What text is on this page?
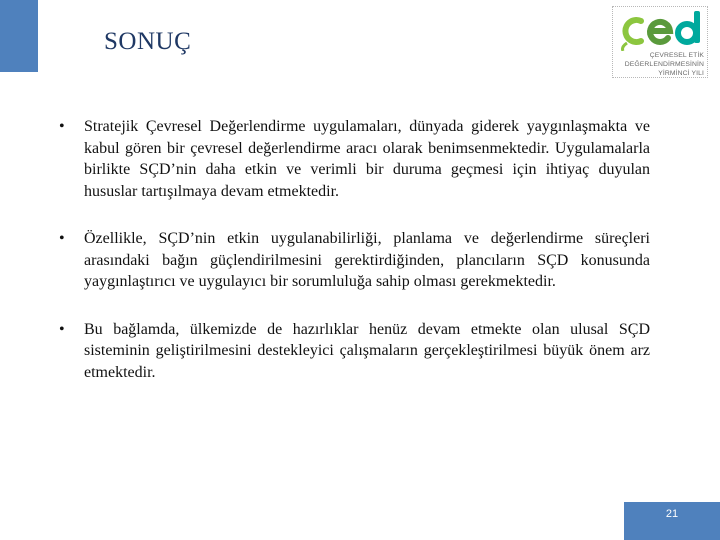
SONUÇ
ÇEVRESEL ETİK
DEĞERLENDİRMESİNİN
YİRMİNCİ YILI
• Stratejik Çevresel Değerlendirme uygulamaları, dünyada giderek yaygınlaşmakta ve kabul gören bir çevresel değerlendirme aracı olarak benimsenmektedir. Uygulamalarla birlikte SÇD’nin daha etkin ve verimli bir duruma geçmesi için ihtiyaç duyulan hususlar tartışılmaya devam etmektedir.
• Özellikle, SÇD’nin etkin uygulanabilirliği, planlama ve değerlendirme süreçleri arasındaki bağın güçlendirilmesini gerektirdiğinden, plancıların SÇD konusunda yaygınlaştırıcı ve uygulayıcı bir sorumluluğa sahip olması gerekmektedir.
• Bu bağlamda, ülkemizde de hazırlıklar henüz devam etmekte olan ulusal SÇD sisteminin geliştirilmesini destekleyici çalışmaların gerçekleştirilmesi büyük önem arz etmektedir.
21
